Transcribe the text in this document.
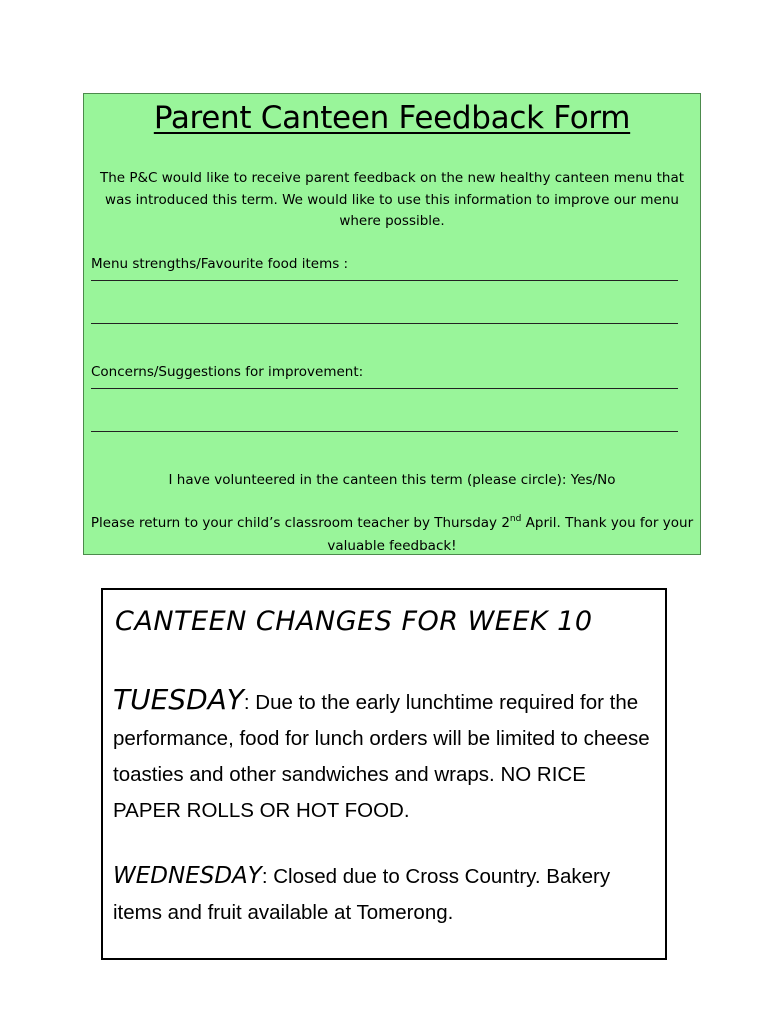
Parent Canteen Feedback Form
The P&C would like to receive parent feedback on the new healthy canteen menu that was introduced this term. We would like to use this information to improve our menu where possible.
Menu strengths/Favourite food items :
Concerns/Suggestions for improvement:
I have volunteered in the canteen this term (please circle): Yes/No
Please return to your child’s classroom teacher by Thursday 2nd April. Thank you for your valuable feedback!
CANTEEN CHANGES FOR WEEK 10
TUESDAY: Due to the early lunchtime required for the performance, food for lunch orders will be limited to cheese toasties and other sandwiches and wraps. NO RICE PAPER ROLLS OR HOT FOOD.
WEDNESDAY: Closed due to Cross Country. Bakery items and fruit available at Tomerong.
